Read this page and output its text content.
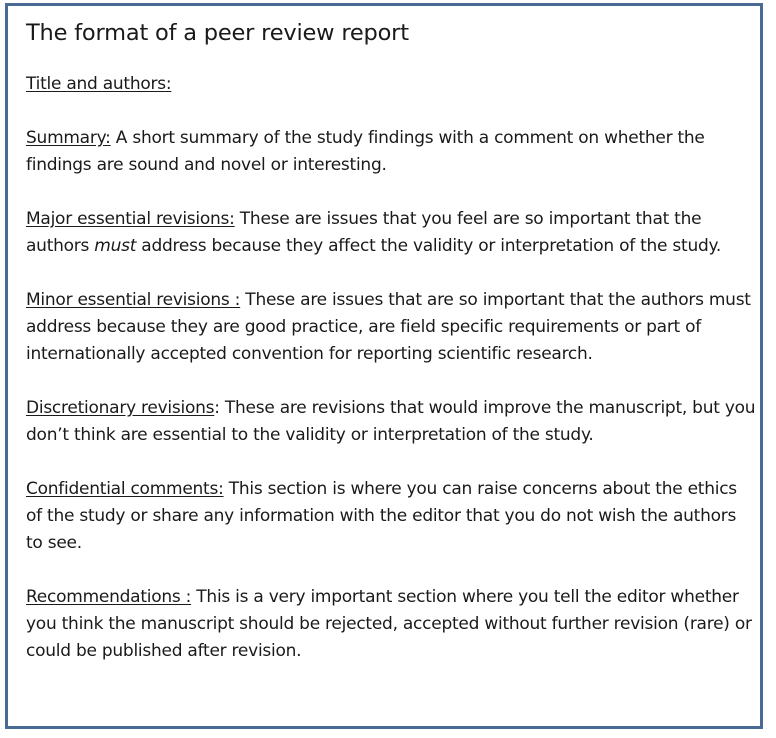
The format of a peer review report
Title and authors:
Summary: A short summary of the study findings with a comment on whether the findings are sound and novel or interesting.
Major essential revisions: These are issues that you feel are so important that the authors must address because they affect the validity or interpretation of the study.
Minor essential revisions : These are issues that are so important that the authors must address because they are good practice, are field specific requirements or part of internationally accepted convention for reporting scientific research.
Discretionary revisions: These are revisions that would improve the manuscript, but you don’t think are essential to the validity or interpretation of the study.
Confidential comments: This section is where you can raise concerns about the ethics of the study or share any information with the editor that you do not wish the authors to see.
Recommendations : This is a very important section where you tell the editor whether you think the manuscript should be rejected, accepted without further revision (rare) or could be published after revision.
